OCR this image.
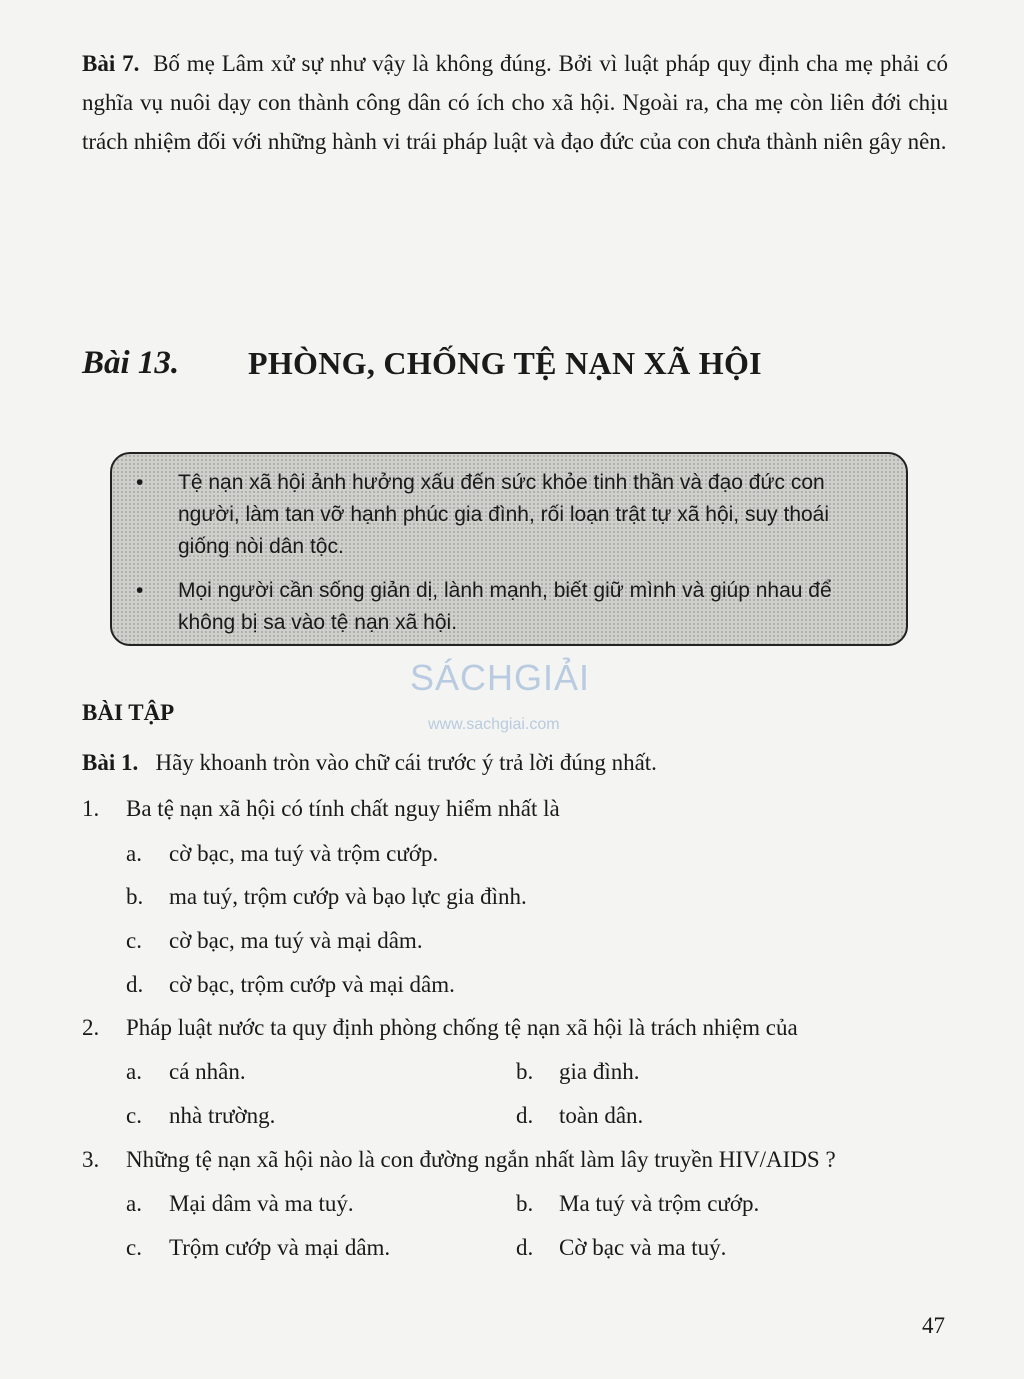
Bài 7. Bố mẹ Lâm xử sự như vậy là không đúng. Bởi vì luật pháp quy định cha mẹ phải có nghĩa vụ nuôi dạy con thành công dân có ích cho xã hội. Ngoài ra, cha mẹ còn liên đới chịu trách nhiệm đối với những hành vi trái pháp luật và đạo đức của con chưa thành niên gây nên.
Bài 13. PHÒNG, CHỐNG TỆ NẠN XÃ HỘI
• Tệ nạn xã hội ảnh hưởng xấu đến sức khỏe tinh thần và đạo đức con người, làm tan vỡ hạnh phúc gia đình, rối loạn trật tự xã hội, suy thoái giống nòi dân tộc.
• Mọi người cần sống giản dị, lành mạnh, biết giữ mình và giúp nhau để không bị sa vào tệ nạn xã hội.
SÁCHGIẢI
www.sachgiai.com
BÀI TẬP
Bài 1. Hãy khoanh tròn vào chữ cái trước ý trả lời đúng nhất.
1. Ba tệ nạn xã hội có tính chất nguy hiểm nhất là
a. cờ bạc, ma tuý và trộm cướp.
b. ma tuý, trộm cướp và bạo lực gia đình.
c. cờ bạc, ma tuý và mại dâm.
d. cờ bạc, trộm cướp và mại dâm.
2. Pháp luật nước ta quy định phòng chống tệ nạn xã hội là trách nhiệm của
a. cá nhân.	b. gia đình.
c. nhà trường.	d. toàn dân.
3. Những tệ nạn xã hội nào là con đường ngắn nhất làm lây truyền HIV/AIDS ?
a. Mại dâm và ma tuý.	b. Ma tuý và trộm cướp.
c. Trộm cướp và mại dâm.	d. Cờ bạc và ma tuý.
47
